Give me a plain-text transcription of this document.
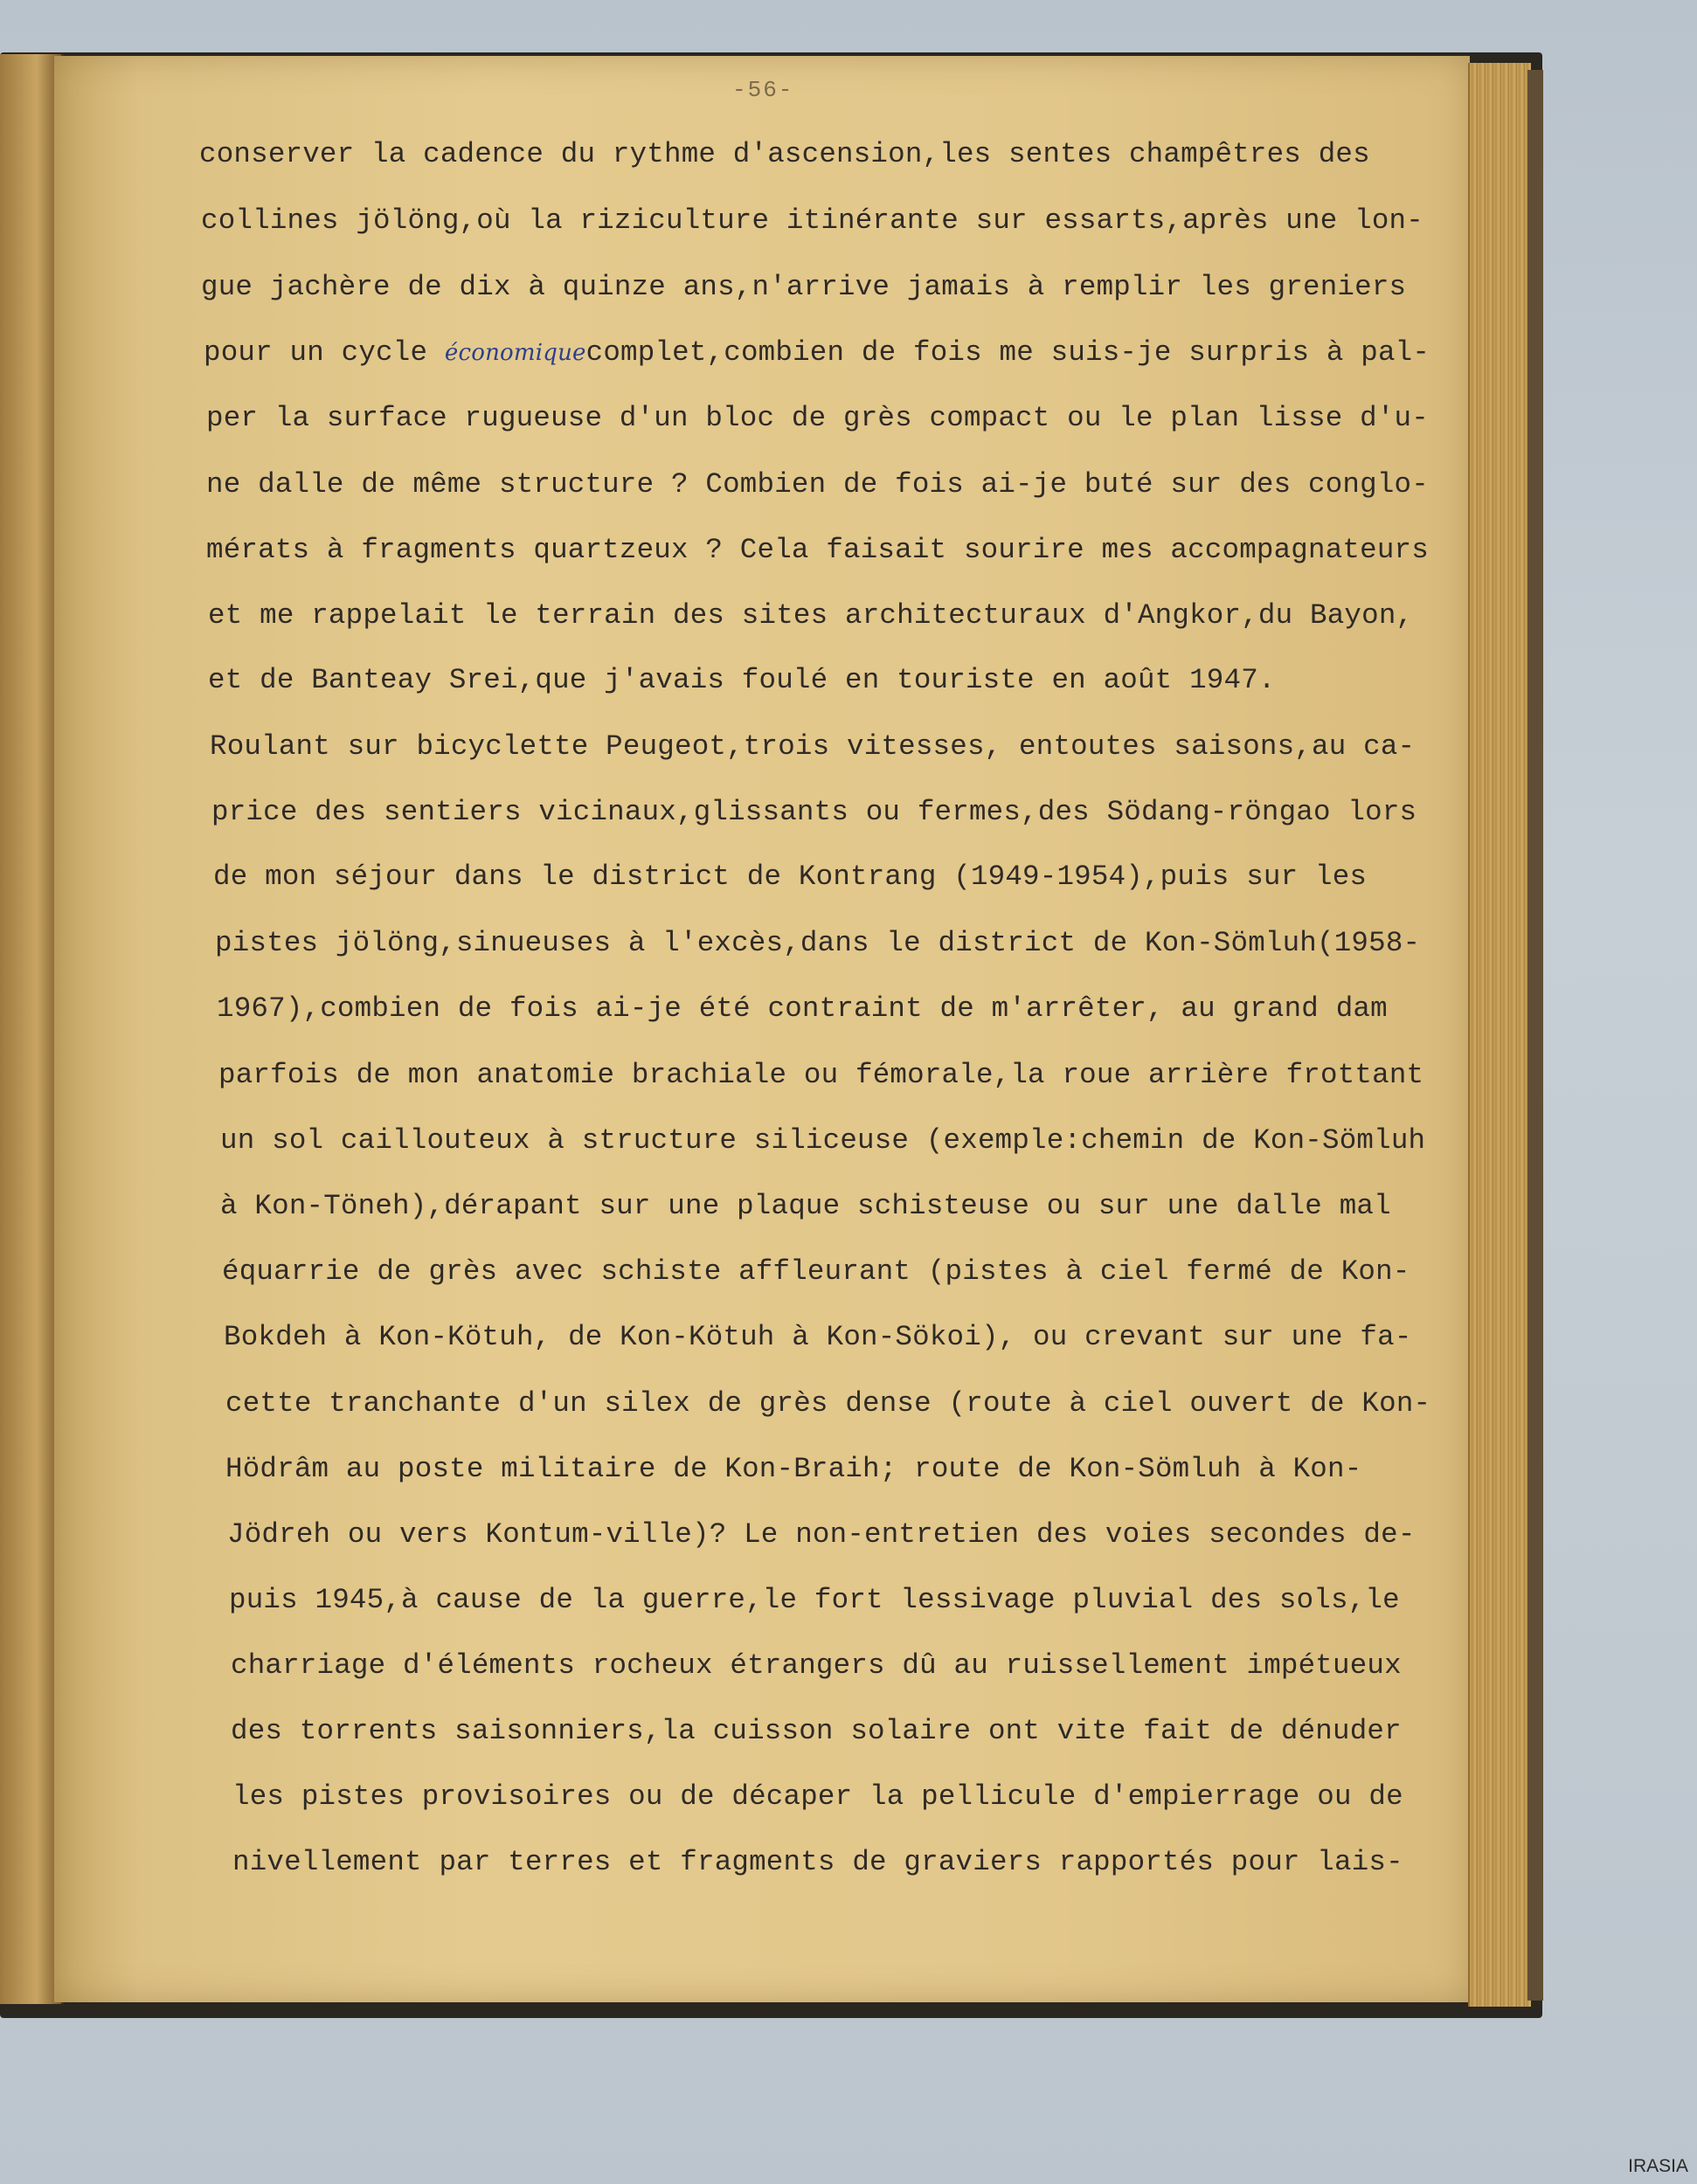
-56-
conserver la cadence du rythme d'ascension,les sentes champêtres des
collines jölöng,où la riziculture itinérante sur essarts,après une lon-
gue jachère de dix à quinze ans,n'arrive jamais à remplir les greniers
pour un cycle économiquecomplet,combien de fois me suis-je surpris à pal-
per la surface rugueuse d'un bloc de grès compact ou le plan lisse d'u-
ne dalle de même structure ? Combien de fois ai-je buté sur des conglo-
mérats à fragments quartzeux ? Cela faisait sourire mes accompagnateurs
et me rappelait le terrain des sites architecturaux d'Angkor,du Bayon,
et de Banteay Srei,que j'avais foulé en touriste en août 1947.
Roulant sur bicyclette Peugeot,trois vitesses, entoutes saisons,au ca-
price des sentiers vicinaux,glissants ou fermes,des Södang-röngao lors
de mon séjour dans le district de Kontrang (1949-1954),puis sur les
pistes jölöng,sinueuses à l'excès,dans le district de Kon-Sömluh(1958-
1967),combien de fois ai-je été contraint de m'arrêter, au grand dam
parfois de mon anatomie brachiale ou fémorale,la roue arrière frottant
un sol caillouteux à structure siliceuse (exemple:chemin de Kon-Sömluh
à Kon-Töneh),dérapant sur une plaque schisteuse ou sur une dalle mal
équarrie de grès avec schiste affleurant (pistes à ciel fermé de Kon-
Bokdeh à Kon-Kötuh, de Kon-Kötuh à Kon-Sökoi), ou crevant sur une fa-
cette tranchante d'un silex de grès dense (route à ciel ouvert de Kon-
Hödrâm au poste militaire de Kon-Braih; route de Kon-Sömluh à Kon-
Jödreh ou vers Kontum-ville)? Le non-entretien des voies secondes de-
puis 1945,à cause de la guerre,le fort lessivage pluvial des sols,le
charriage d'éléments rocheux étrangers dû au ruissellement impétueux
des torrents saisonniers,la cuisson solaire ont vite fait de dénuder
les pistes provisoires ou de décaper la pellicule d'empierrage ou de
nivellement par terres et fragments de graviers rapportés pour lais-
IRASIA
